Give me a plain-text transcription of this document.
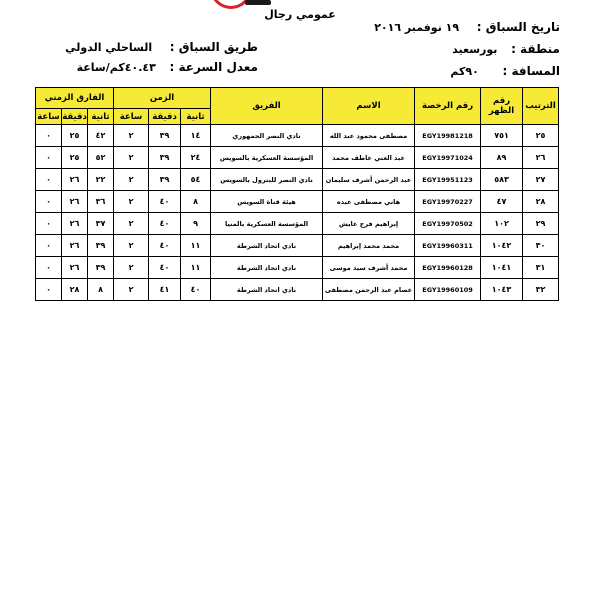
عمومي رجال
تاريخ السباق :  ١٩ نوفمبر ٢٠١٦
منطقة :  بورسعيد
المسافة :  ٩٠كم
طريق السباق :  الساحلي الدولي
معدل السرعة :  ٤٠.٤٣كم/ساعة
الترتيب	رقم الظهر	رقم الرخصة	الاسم	الفريق	الزمن			الفارق الزمني		
					ثانية	دقيقة	ساعة	ثانية	دقيقة	ساعة
٢٥	٧٥١	EGY19981218	مصطفى محمود عبد الله	نادي النصر الجمهوري	١٤	٣٩	٢	٤٢	٢٥	٠
٢٦	٨٩	EGY19971024	عبد الغني عاطف محمد	المؤسسة العسكرية بالسويس	٢٤	٣٩	٢	٥٢	٢٥	٠
٢٧	٥٨٣	EGY19951123	عبد الرحمن أشرف سليمان	نادي النصر للبترول بالسويس	٥٤	٣٩	٢	٢٢	٢٦	٠
٢٨	٤٧	EGY19970227	هاني مصطفى عبده	هيئة قناة السويس	٨	٤٠	٢	٣٦	٢٦	٠
٢٩	١٠٢	EGY19970502	إبراهيم فرج عايش	المؤسسة العسكرية بالمنيا	٩	٤٠	٢	٣٧	٢٦	٠
٣٠	١٠٤٢	EGY19960311	محمد محمد إبراهيم	نادي اتحاد الشرطة	١١	٤٠	٢	٣٩	٢٦	٠
٣١	١٠٤١	EGY19960128	محمد أشرف سيد موسى	نادي اتحاد الشرطة	١١	٤٠	٢	٣٩	٢٦	٠
٣٢	١٠٤٣	EGY19960109	عصام عبد الرحمن مصطفى	نادي اتحاد الشرطة	٤٠	٤١	٢	٨	٢٨	٠
